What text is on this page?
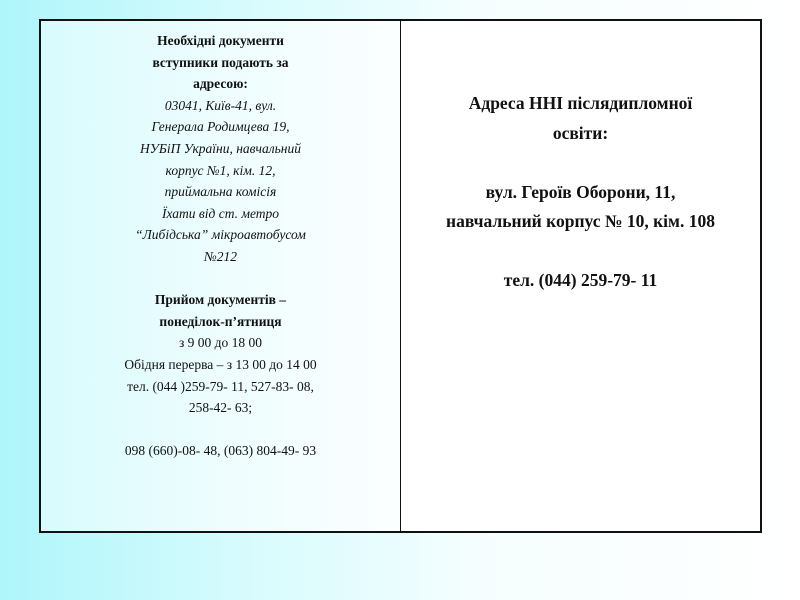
Необхідні документи
вступники подають за
адресою:
03041, Київ-41, вул.
Генерала Родимцева 19,
НУБіП України, навчальний
корпус №1, кім. 12,
приймальна комісія
Їхати від ст. метро
“Либідська” мікроавтобусом
№212
Прийом документів –
понеділок-п’ятниця
з 9 00 до 18 00
Обідня перерва – з 13 00 до 14 00
тел. (044 )259-79- 11, 527-83- 08,
258-42- 63;
098 (660)-08- 48, (063) 804-49- 93
Адреса ННІ післядипломної
освіти:
вул. Героїв Оборони, 11,
навчальний корпус № 10, кім. 108
тел. (044) 259-79- 11
